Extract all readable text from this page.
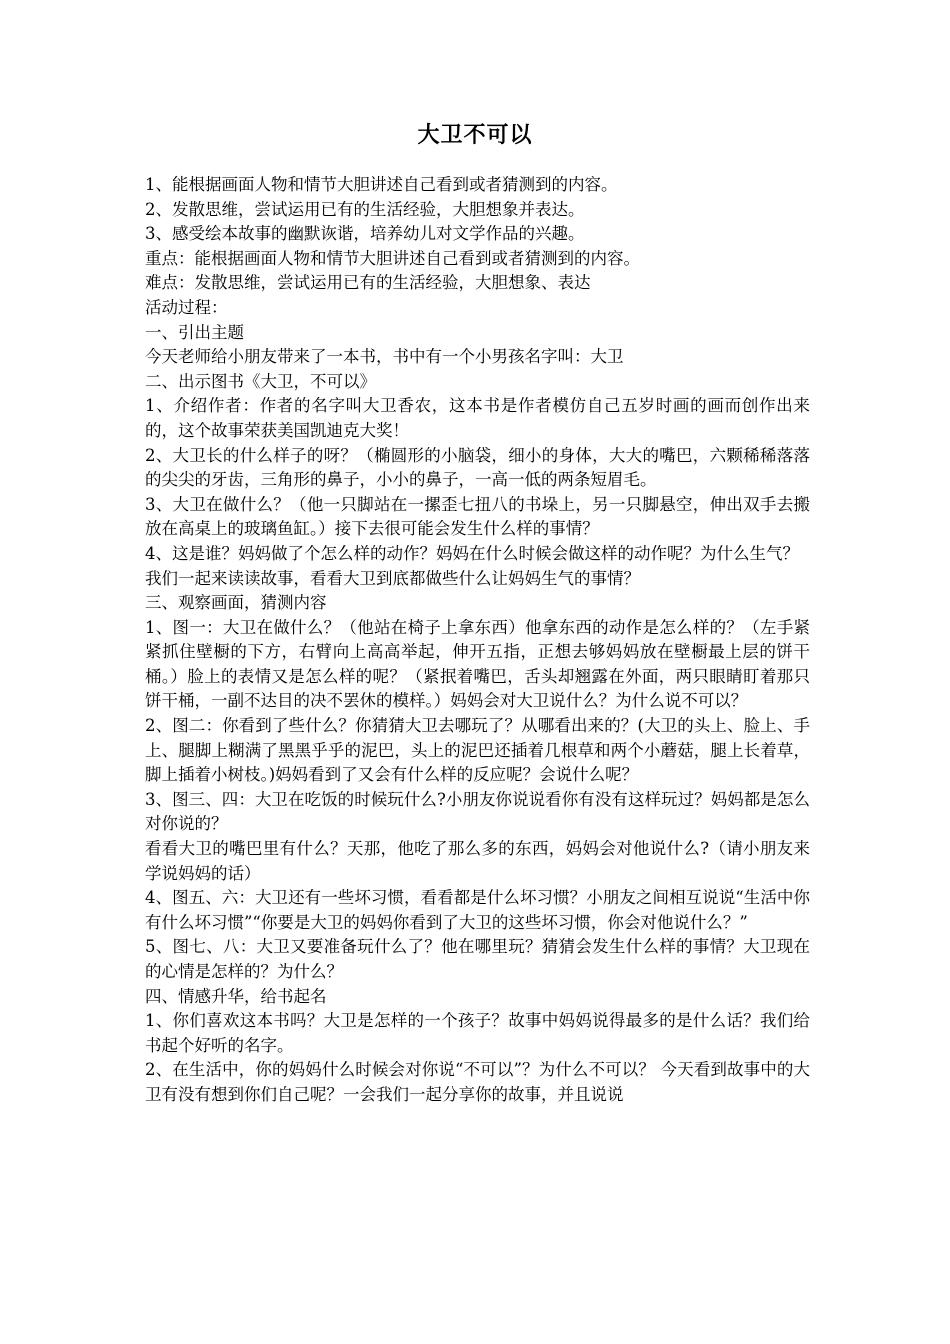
大卫不可以

1、能根据画面人物和情节大胆讲述自己看到或者猜测到的内容。

2、发散思维，尝试运用已有的生活经验，大胆想象并表达。

3、感受绘本故事的幽默诙谐，培养幼儿对文学作品的兴趣。

重点：能根据画面人物和情节大胆讲述自己看到或者猜测到的内容。

难点：发散思维，尝试运用已有的生活经验，大胆想象、表达

活动过程：

一、引出主题

今天老师给小朋友带来了一本书，书中有一个小男孩名字叫：大卫

二、出示图书《大卫，不可以》

1、介绍作者：作者的名字叫大卫香农，这本书是作者模仿自己五岁时画的画而创作出来的，这个故事荣获美国凯迪克大奖！

2、大卫长的什么样子的呀？（椭圆形的小脑袋，细小的身体，大大的嘴巴，六颗稀稀落落的尖尖的牙齿，三角形的鼻子，小小的鼻子，一高一低的两条短眉毛。

3、大卫在做什么？（他一只脚站在一摞歪七扭八的书垛上，另一只脚悬空，伸出双手去搬放在高桌上的玻璃鱼缸。）接下去很可能会发生什么样的事情？

4、这是谁？妈妈做了个怎么样的动作？妈妈在什么时候会做这样的动作呢？为什么生气？

我们一起来读读故事，看看大卫到底都做些什么让妈妈生气的事情？

三、观察画面，猜测内容

1、图一：大卫在做什么？（他站在椅子上拿东西）他拿东西的动作是怎么样的？（左手紧紧抓住壁橱的下方，右臂向上高高举起，伸开五指，正想去够妈妈放在壁橱最上层的饼干桶。）脸上的表情又是怎么样的呢？（紧抿着嘴巴，舌头却翘露在外面，两只眼睛盯着那只饼干桶，一副不达目的决不罢休的模样。）妈妈会对大卫说什么？为什么说不可以？

2、图二：你看到了些什么？你猜猜大卫去哪玩了？从哪看出来的？(大卫的头上、脸上、手上、腿脚上糊满了黑黑乎乎的泥巴，头上的泥巴还插着几根草和两个小蘑菇，腿上长着草，脚上插着小树枝。)妈妈看到了又会有什么样的反应呢？会说什么呢？

3、图三、四：大卫在吃饭的时候玩什么?小朋友你说说看你有没有这样玩过？妈妈都是怎么对你说的？

看看大卫的嘴巴里有什么？天那，他吃了那么多的东西，妈妈会对他说什么?（请小朋友来学说妈妈的话）

4、图五、六：大卫还有一些坏习惯，看看都是什么坏习惯？小朋友之间相互说说“生活中你有什么坏习惯”“你要是大卫的妈妈你看到了大卫的这些坏习惯，你会对他说什么？”

5、图七、八：大卫又要准备玩什么了？他在哪里玩？猜猜会发生什么样的事情？大卫现在的心情是怎样的？为什么？

四、情感升华，给书起名

1、你们喜欢这本书吗？大卫是怎样的一个孩子？故事中妈妈说得最多的是什么话？我们给书起个好听的名字。

2、在生活中，你的妈妈什么时候会对你说“不可以”？为什么不可以？ 今天看到故事中的大卫有没有想到你们自己呢？一会我们一起分享你的故事，并且说说
